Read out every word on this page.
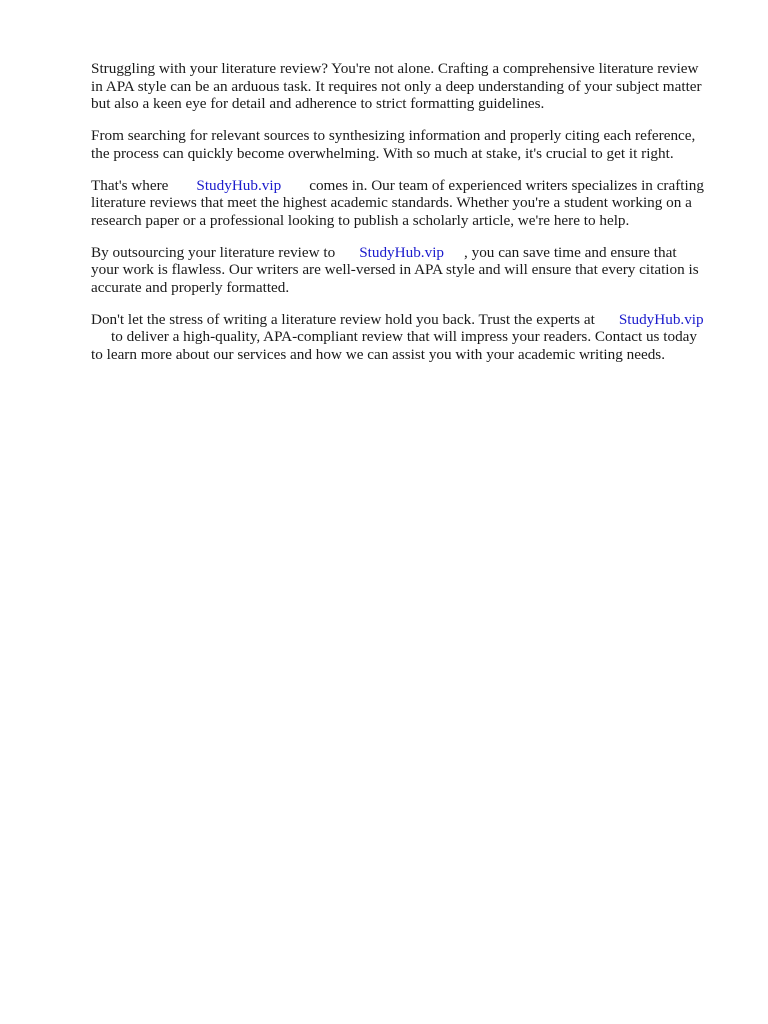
Struggling with your literature review? You're not alone. Crafting a comprehensive literature review
in APA style can be an arduous task. It requires not only a deep understanding of your subject matter
but also a keen eye for detail and adherence to strict formatting guidelines.

From searching for relevant sources to synthesizing information and properly citing each reference,
the process can quickly become overwhelming. With so much at stake, it's crucial to get it right.

That's where StudyHub.vip comes in. Our team of experienced writers specializes in crafting
literature reviews that meet the highest academic standards. Whether you're a student working on a
research paper or a professional looking to publish a scholarly article, we're here to help.

By outsourcing your literature review to StudyHub.vip , you can save time and ensure that
your work is flawless. Our writers are well-versed in APA style and will ensure that every citation is
accurate and properly formatted.

Don't let the stress of writing a literature review hold you back. Trust the experts at StudyHub.vip
to deliver a high-quality, APA-compliant review that will impress your readers. Contact us today
to learn more about our services and how we can assist you with your academic writing needs.
